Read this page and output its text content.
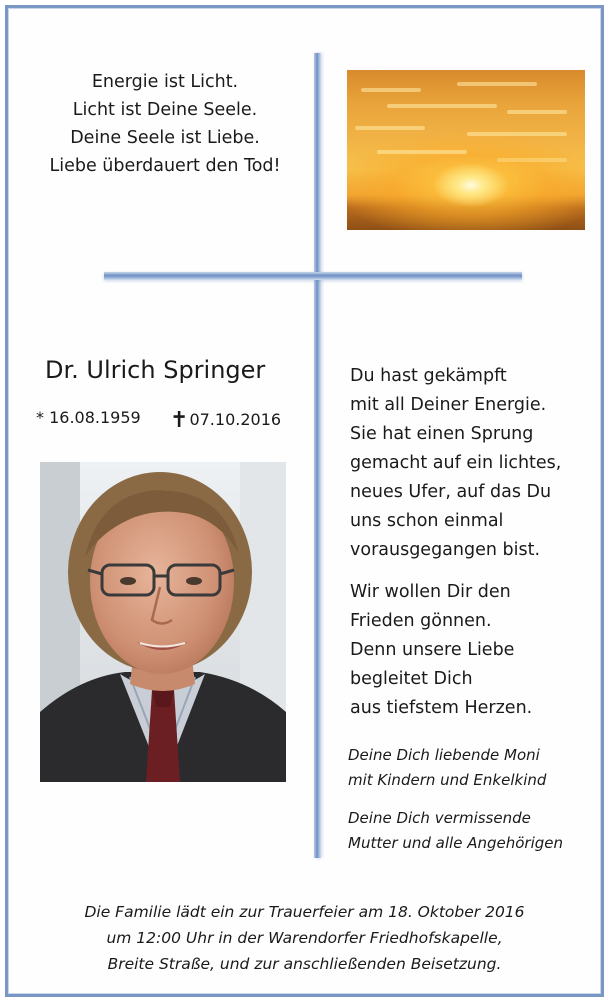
Energie ist Licht.
Licht ist Deine Seele.
Deine Seele ist Liebe.
Liebe überdauert den Tod!
Dr. Ulrich Springer
* 16.08.1959 ✝07.10.2016
Du hast gekämpft
mit all Deiner Energie.
Sie hat einen Sprung
gemacht auf ein lichtes,
neues Ufer, auf das Du
uns schon einmal
vorausgegangen bist.
Wir wollen Dir den
Frieden gönnen.
Denn unsere Liebe
begleitet Dich
aus tiefstem Herzen.
Deine Dich liebende Moni
mit Kindern und Enkelkind
Deine Dich vermissende
Mutter und alle Angehörigen
Die Familie lädt ein zur Trauerfeier am 18. Oktober 2016
um 12:00 Uhr in der Warendorfer Friedhofskapelle,
Breite Straße, und zur anschließenden Beisetzung.
